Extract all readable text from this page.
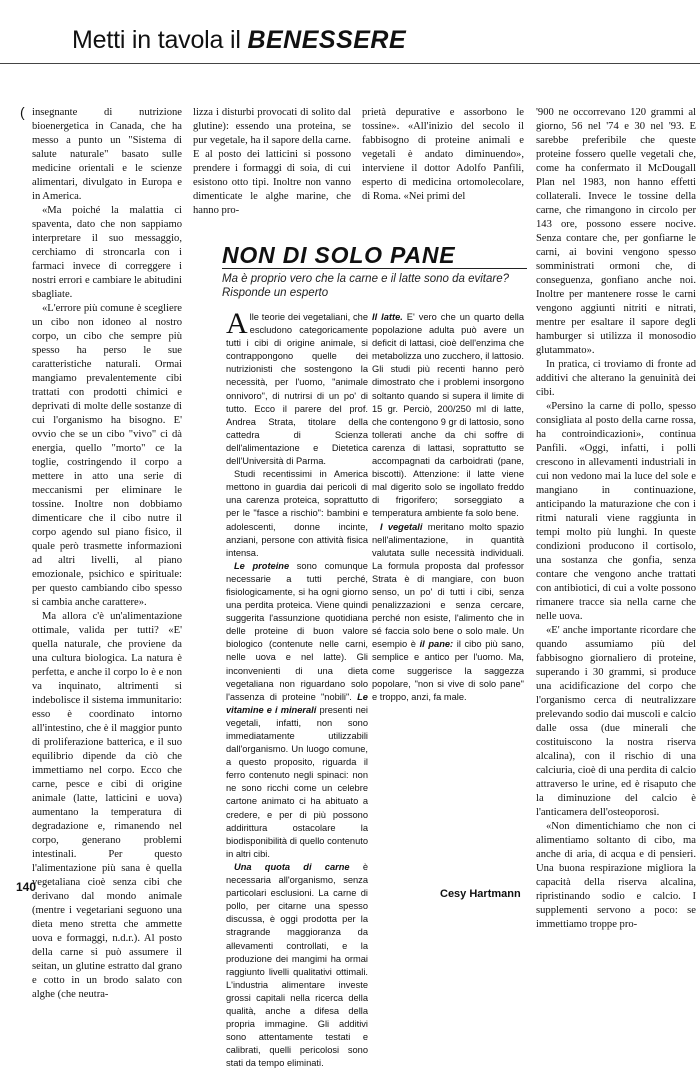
Metti in tavola il BENESSERE
( insegnante di nutrizione bioenergetica in Canada, che ha messo a punto un "Sistema di salute naturale" basato sulle medicine orientali e le scienze alimentari, divulgato in Europa e in America.

«Ma poiché la malattia ci spaventa, dato che non sappiamo interpretare il suo messaggio, cerchiamo di stroncarla con i farmaci invece di correggere i nostri errori e cambiare le abitudini sbagliate.

«L'errore più comune è scegliere un cibo non idoneo al nostro corpo, un cibo che sempre più spesso ha perso le sue caratteristiche naturali. Ormai mangiamo prevalentemente cibi trattati con prodotti chimici e deprivati di molte delle sostanze di cui l'organismo ha bisogno. E' ovvio che se un cibo "vivo" ci dà energia, quello "morto" ce la toglie, costringendo il corpo a mettere in atto una serie di meccanismi per eliminare le tossine. Inoltre non dobbiamo dimenticare che il cibo nutre il corpo agendo sul piano fisico, il quale però trasmette informazioni ad altri livelli, al piano emozionale, psichico e spirituale: per questo cambiando cibo spesso si cambia anche carattere».

Ma allora c'è un'alimentazione ottimale, valida per tutti? «E' quella naturale, che proviene da una cultura biologica. La natura è perfetta, e anche il corpo lo è e non va inquinato, altrimenti si indebolisce il sistema immunitario: esso è coordinato intorno all'intestino, che è il maggior punto di proliferazione batterica, e il suo equilibrio dipende da ciò che immettiamo nel corpo. Ecco che carne, pesce e cibi di origine animale (latte, latticini e uova) aumentano la temperatura di degradazione e, rimanendo nel corpo, generano problemi intestinali. Per questo l'alimentazione più sana è quella vegetaliana cioè senza cibi che derivano dal mondo animale (mentre i vegetariani seguono una dieta meno stretta che ammette uova e formaggi, n.d.r.). Al posto della carne si può assumere il seitan, un glutine estratto dal grano e cotto in un brodo salato con alghe (che neutra-

lizza i disturbi provocati di solito dal glutine): essendo una proteina, se pur vegetale, ha il sapore della carne. E al posto dei latticini si possono prendere i formaggi di soia, di cui esistono otto tipi. Inoltre non vanno dimenticate le alghe marine, che hanno pro-

prietà depurative e assorbono le tossine». «All'inizio del secolo il fabbisogno di proteine animali e vegetali è andato diminuendo», interviene il dottor Adolfo Panfili, esperto di medicina ortomolecolare, di Roma. «Nei primi del

'900 ne occorrevano 120 grammi al giorno, 56 nel '74 e 30 nel '93. E sarebbe preferibile che queste proteine fossero quelle vegetali che, come ha confermato il McDougall Plan nel 1983, non hanno effetti collaterali. Invece le tossine della carne, che rimangono in circolo per 143 ore, possono essere nocive. Senza contare che, per gonfiarne le carni, ai bovini vengono spesso somministrati ormoni che, di conseguenza, gonfiano anche noi. Inoltre per mantenere rosse le carni vengono aggiunti nitriti e nitrati, mentre per esaltare il sapore degli hamburger si utilizza il monosodio glutammato».

In pratica, ci troviamo di fronte ad additivi che alterano la genuinità dei cibi.

«Persino la carne di pollo, spesso consigliata al posto della carne rossa, ha controindicazioni», continua Panfili. «Oggi, infatti, i polli crescono in allevamenti industriali in cui non vedono mai la luce del sole e mangiano in continuazione, anticipando la maturazione che con i ritmi naturali viene raggiunta in tempi molto più lunghi. In queste condizioni producono il cortisolo, una sostanza che gonfia, senza contare che vengono anche trattati con antibiotici, di cui a volte possono rimanere tracce sia nella carne che nelle uova.

«E' anche importante ricordare che quando assumiamo più del fabbisogno giornaliero di proteine, superando i 30 grammi, si produce una acidificazione del corpo che l'organismo cerca di neutralizzare prelevando sodio dai muscoli e calcio dalle ossa (due minerali che costituiscono la nostra riserva alcalina), con il rischio di una calciuria, cioè di una perdita di calcio attraverso le urine, ed è risaputo che la diminuzione del calcio è l'anticamera dell'osteoporosi.

«Non dimentichiamo che non ci alimentiamo soltanto di cibo, ma anche di aria, di acqua e di pensieri. Una buona respirazione migliora la capacità della riserva alcalina, ripristinando sodio e calcio. I supplementi servono a poco: se immettiamo troppe pro-

NON DI SOLO PANE
Ma è proprio vero che la carne e il latte sono da evitare? Risponde un esperto

Alle teorie dei vegetaliani, che escludono categoricamente tutti i cibi di origine animale, si contrappongono quelle dei nutrizionisti che sostengono la necessità, per l'uomo, "animale onnivoro", di nutrirsi di un po' di tutto. Ecco il parere del prof. Andrea Strata, titolare della cattedra di Scienza dell'alimentazione e Dietetica dell'Università di Parma.

Studi recentissimi in America mettono in guardia dai pericoli di una carenza proteica, soprattutto per le "fasce a rischio": bambini e adolescenti, donne incinte, anziani, persone con attività fisica intensa.

Le proteine sono comunque necessarie a tutti perché, fisiologicamente, si ha ogni giorno una perdita proteica. Viene quindi suggerita l'assunzione quotidiana delle proteine di buon valore biologico (contenute nelle carni, nelle uova e nel latte). Gli inconvenienti di una dieta vegetaliana non riguardano solo l'assenza di proteine "nobili". Le vitamine e i minerali presenti nei vegetali, infatti, non sono immediatamente utilizzabili dall'organismo. Un luogo comune, a questo proposito, riguarda il ferro contenuto negli spinaci: non ne sono ricchi come un celebre cartone animato ci ha abituato a credere, e per di più possono addirittura ostacolare la biodisponibilità di quello contenuto in altri cibi.

Una quota di carne è necessaria all'organismo, senza particolari esclusioni. La carne di pollo, per citarne una spesso discussa, è oggi prodotta per la stragrande maggioranza da allevamenti controllati, e la produzione dei mangimi ha ormai raggiunto livelli qualitativi ottimali. L'industria alimentare investe grossi capitali nella ricerca della qualità, anche a difesa della propria immagine. Gli additivi sono attentamente testati e calibrati, quelli pericolosi sono stati da tempo eliminati.

Il latte. E' vero che un quarto della popolazione adulta può avere un deficit di lattasi, cioè dell'enzima che metabolizza uno zucchero, il lattosio. Gli studi più recenti hanno però dimostrato che i problemi insorgono soltanto quando si supera il limite di 15 gr. Perciò, 200/250 ml di latte, che contengono 9 gr di lattosio, sono tollerati anche da chi soffre di carenza di lattasi, soprattutto se accompagnati da carboidrati (pane, biscotti). Attenzione: il latte viene mal digerito solo se ingollato freddo di frigorifero; sorseggiato a temperatura ambiente fa solo bene.

I vegetali meritano molto spazio nell'alimentazione, in quantità valutata sulle necessità individuali. La formula proposta dal professor Strata è di mangiare, con buon senso, un po' di tutti i cibi, senza penalizzazioni e senza cercare, perché non esiste, l'alimento che in sé faccia solo bene o solo male. Un esempio è il pane: il cibo più sano, semplice e antico per l'uomo. Ma, come suggerisce la saggezza popolare, "non si vive di solo pane" e troppo, anzi, fa male.

Cesy Hartmann
140
